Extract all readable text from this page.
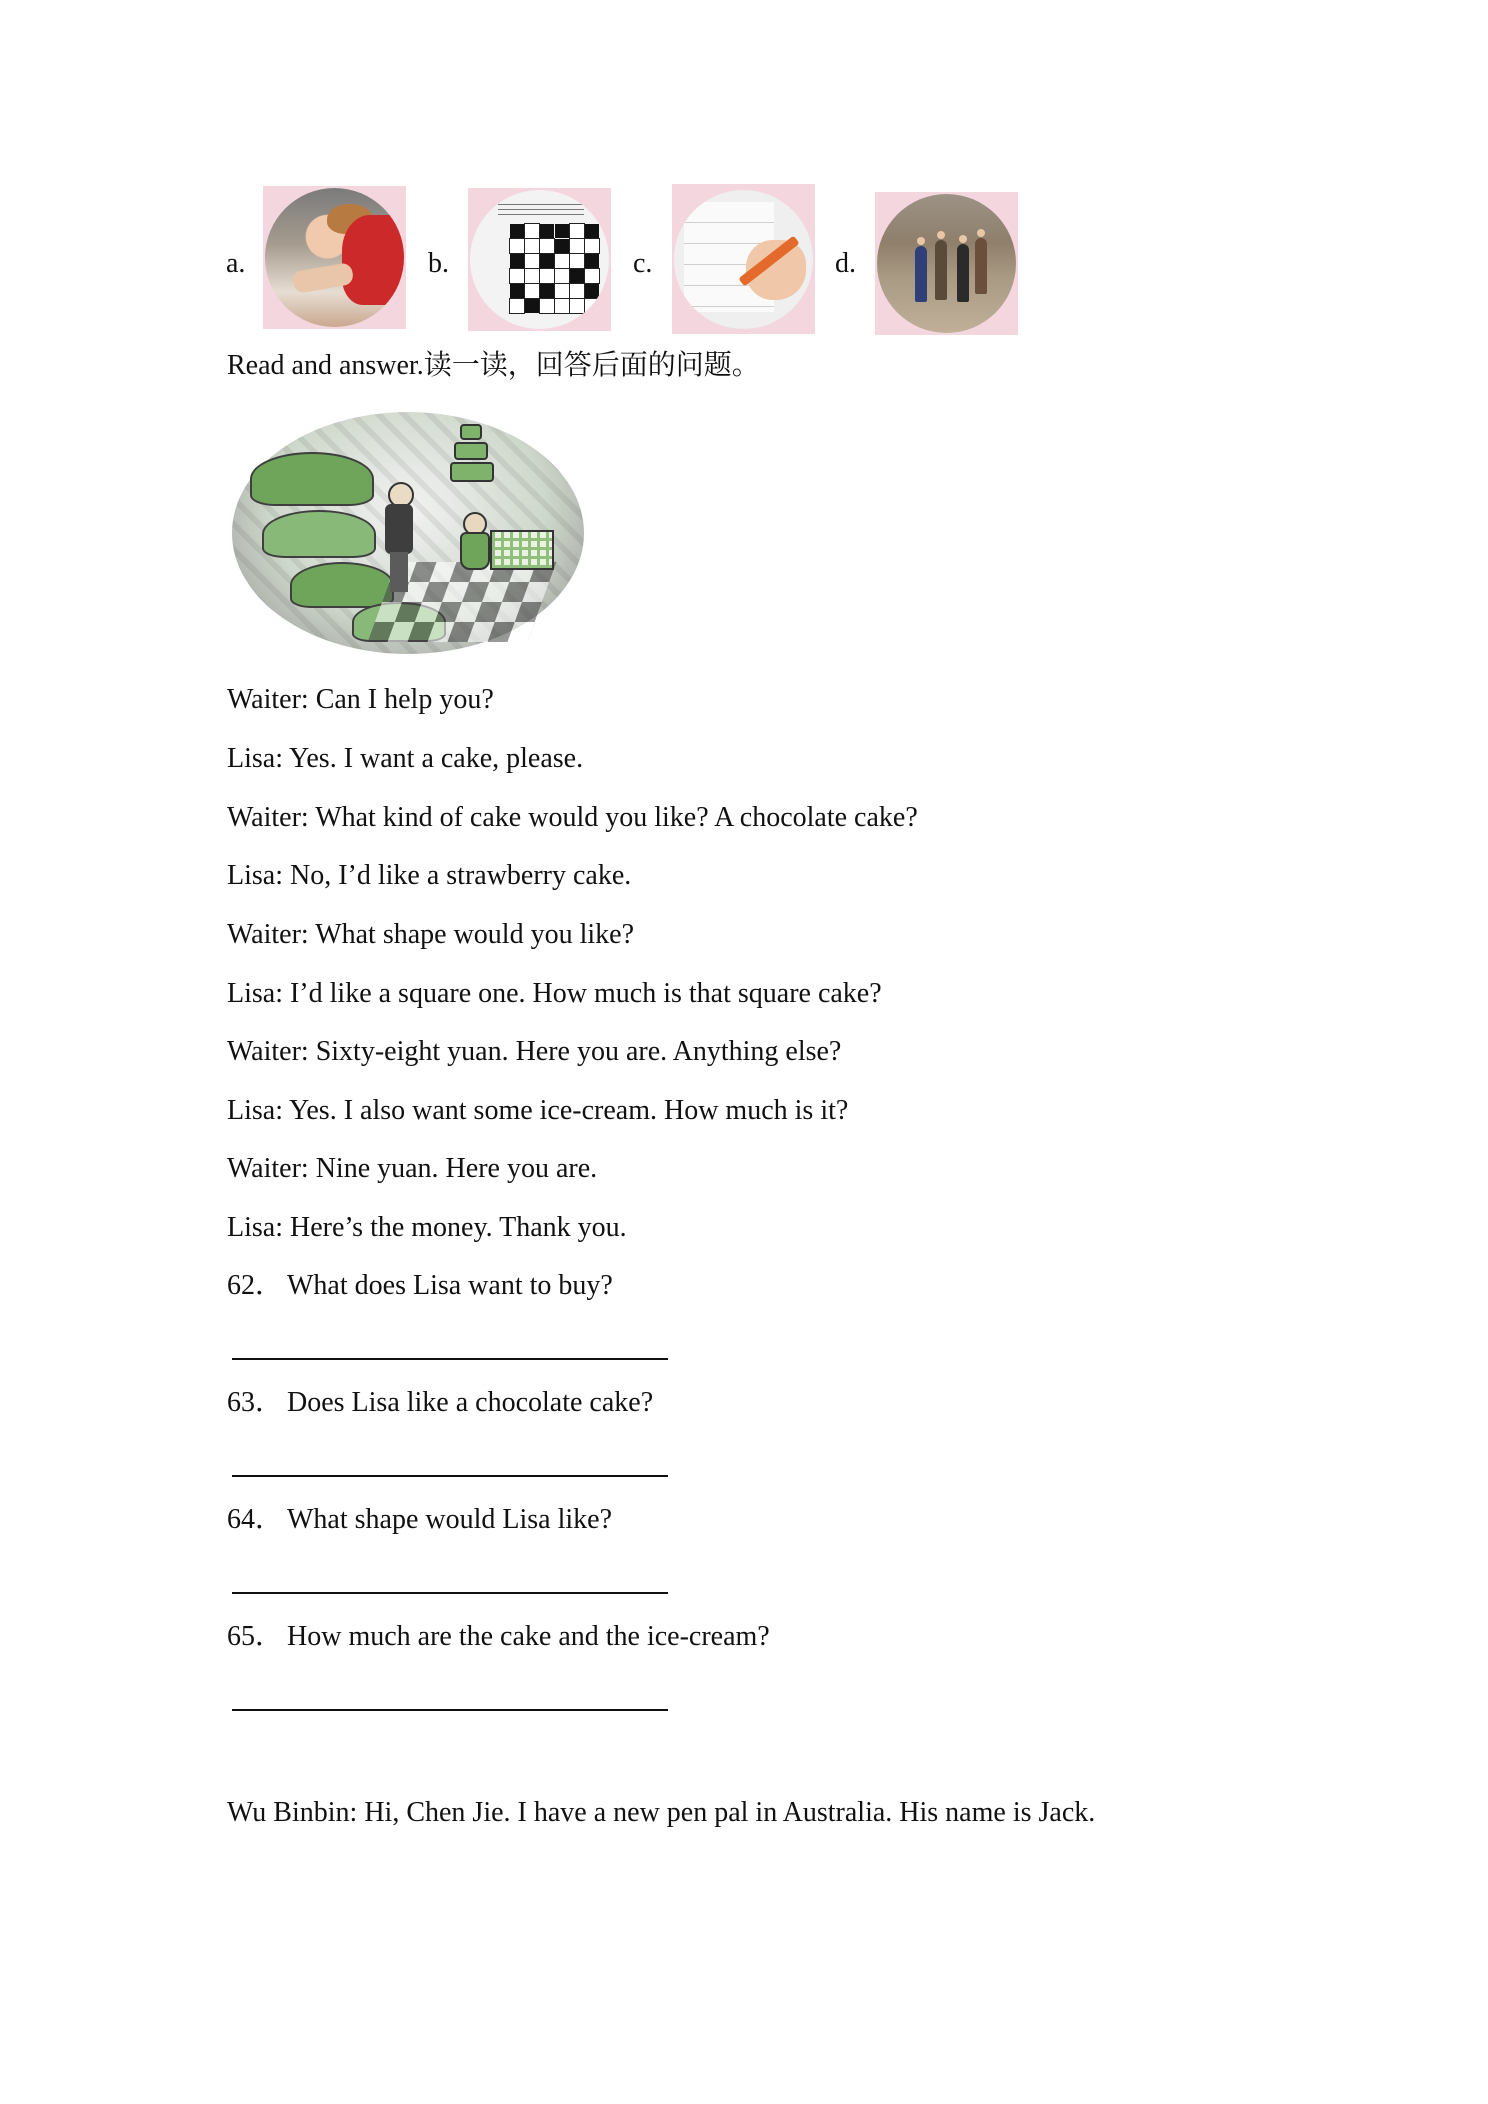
a.	b.	c.	d.
Read and answer.读一读，回答后面的问题。
Waiter: Can I help you?
Lisa: Yes. I want a cake, please.
Waiter: What kind of cake would you like? A chocolate cake?
Lisa: No, I’d like a strawberry cake.
Waiter: What shape would you like?
Lisa: I’d like a square one. How much is that square cake?
Waiter: Sixty-eight yuan. Here you are. Anything else?
Lisa: Yes. I also want some ice-cream. How much is it?
Waiter: Nine yuan. Here you are.
Lisa: Here’s the money. Thank you.
62． What does Lisa want to buy?
63． Does Lisa like a chocolate cake?
64． What shape would Lisa like?
65． How much are the cake and the ice-cream?
Wu Binbin: Hi, Chen Jie. I have a new pen pal in Australia. His name is Jack.
